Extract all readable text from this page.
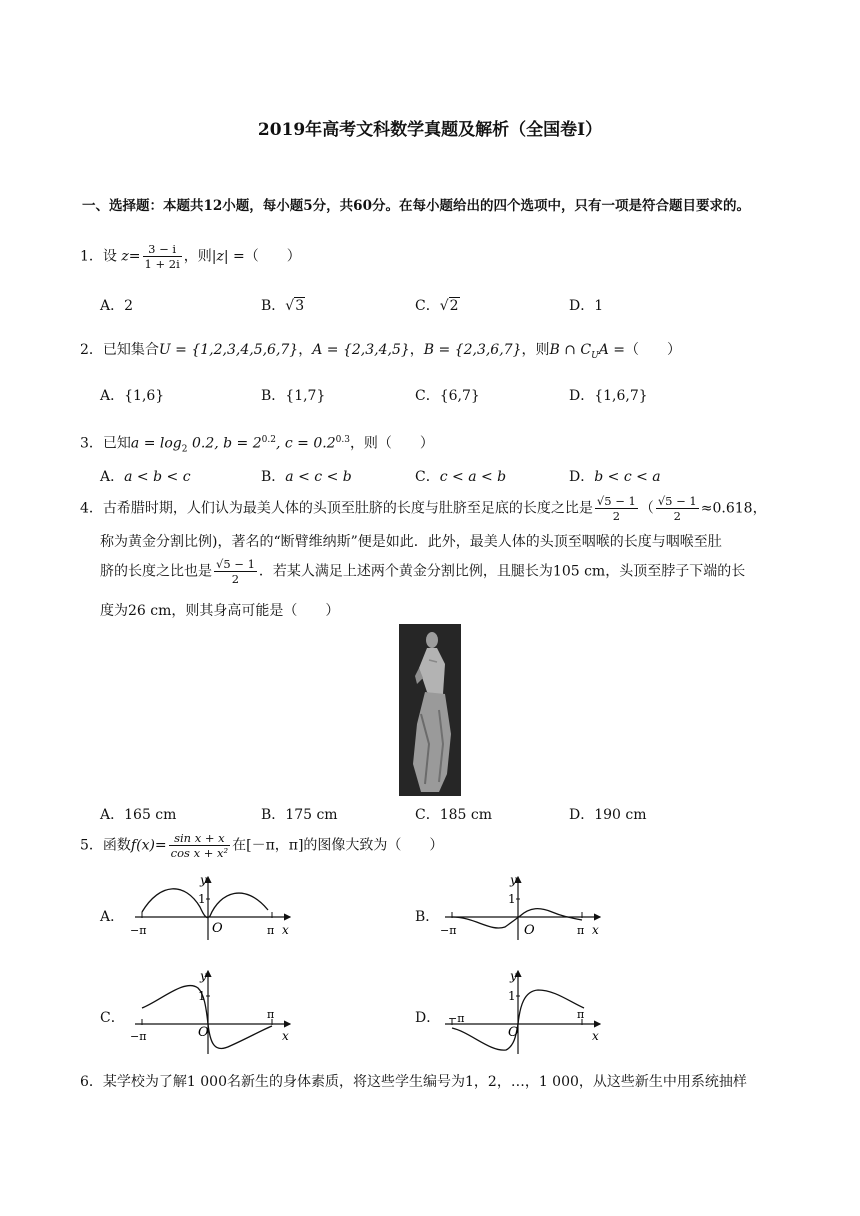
2019年高考文科数学真题及解析（全国卷I）
一、选择题：本题共12小题，每小题5分，共60分。在每小题给出的四个选项中，只有一项是符合题目要求的。
1．设 $z= \frac{3 - i}{1 + 2i}$ ，则|z| =（　　）
A．2	B． √ 3	C． √ 2	D．1
2．已知集合U = {1,2,3,4,5,6,7}，A = {2,3,4,5}，B = {2,3,6,7}，则B ∩ $C_UA$ =（　　）
A．{1,6}	B．{1,7}	C．{6,7}	D．{1,6,7}
3．已知$a = \log_2 0.2$, $b = 2^{0.2}$, $c = 0.2^{0.3}$，则（　　）
A．a < b < c	B．a < c < b	C．c < a < b	D．b < c < a
4．古希腊时期，人们认为最美人体的头顶至肚脐的长度与肚脐至足底的长度之比是 √ $\frac{5 - 1}{2}$ （ √ $\frac{5 - 1}{2} \approx 0.618$，
称为黄金分割比例)，著名的“断臂维纳斯”便是如此．此外，最美人体的头顶至咽喉的长度与咽喉至肚
脐的长度之比也是 √ $\frac{5 - 1}{2}$ ．若某人满足上述两个黄金分割比例，且腿长为105 cm，头顶至脖子下端的长
度为26 cm，则其身高可能是（　　）
A．165 cm	B．175 cm	C．185 cm	D．190 cm
5．函数$f(x)= \frac{\text{sin x + x}}{\text{cos x + x²}}$ 在[－π，π]的图像大致为（　　）
A．	B．
C．	D．
y
1
O
−π	π x
y
1
O
−π	π x
y
1
O
−π
π
x
y
1
O
−π	π
x
6．某学校为了解1 000名新生的身体素质，将这些学生编号为1，2，…，1 000，从这些新生中用系统抽样
